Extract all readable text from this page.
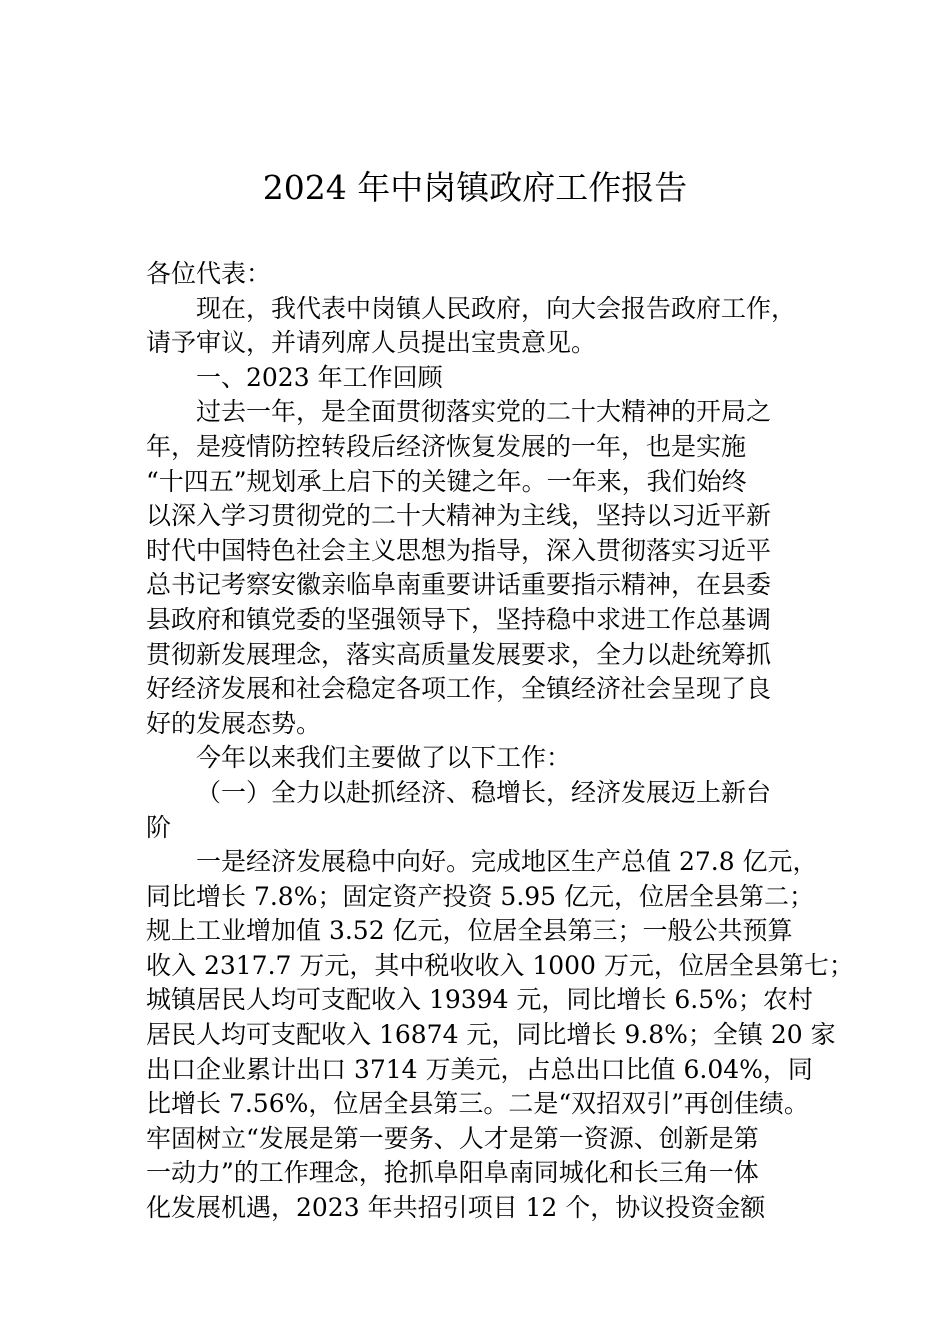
2024 年中岗镇政府工作报告
各位代表：
现在，我代表中岗镇人民政府，向大会报告政府工作，
请予审议，并请列席人员提出宝贵意见。
一、2023 年工作回顾
过去一年，是全面贯彻落实党的二十大精神的开局之
年，是疫情防控转段后经济恢复发展的一年，也是实施
“十四五”规划承上启下的关键之年。一年来，我们始终
以深入学习贯彻党的二十大精神为主线，坚持以习近平新
时代中国特色社会主义思想为指导，深入贯彻落实习近平
总书记考察安徽亲临阜南重要讲话重要指示精神，在县委
县政府和镇党委的坚强领导下，坚持稳中求进工作总基调
贯彻新发展理念，落实高质量发展要求，全力以赴统筹抓
好经济发展和社会稳定各项工作，全镇经济社会呈现了良
好的发展态势。
今年以来我们主要做了以下工作：
（一）全力以赴抓经济、稳增长，经济发展迈上新台
阶
一是经济发展稳中向好。完成地区生产总值 27.8 亿元，
同比增长 7.8%；固定资产投资 5.95 亿元，位居全县第二；
规上工业增加值 3.52 亿元，位居全县第三；一般公共预算
收入 2317.7 万元，其中税收收入 1000 万元，位居全县第七；
城镇居民人均可支配收入 19394 元，同比增长 6.5%；农村
居民人均可支配收入 16874 元，同比增长 9.8%；全镇 20 家
出口企业累计出口 3714 万美元，占总出口比值 6.04%，同
比增长 7.56%，位居全县第三。二是“双招双引”再创佳绩。
牢固树立“发展是第一要务、人才是第一资源、创新是第
一动力”的工作理念，抢抓阜阳阜南同城化和长三角一体
化发展机遇，2023 年共招引项目 12 个，协议投资金额
